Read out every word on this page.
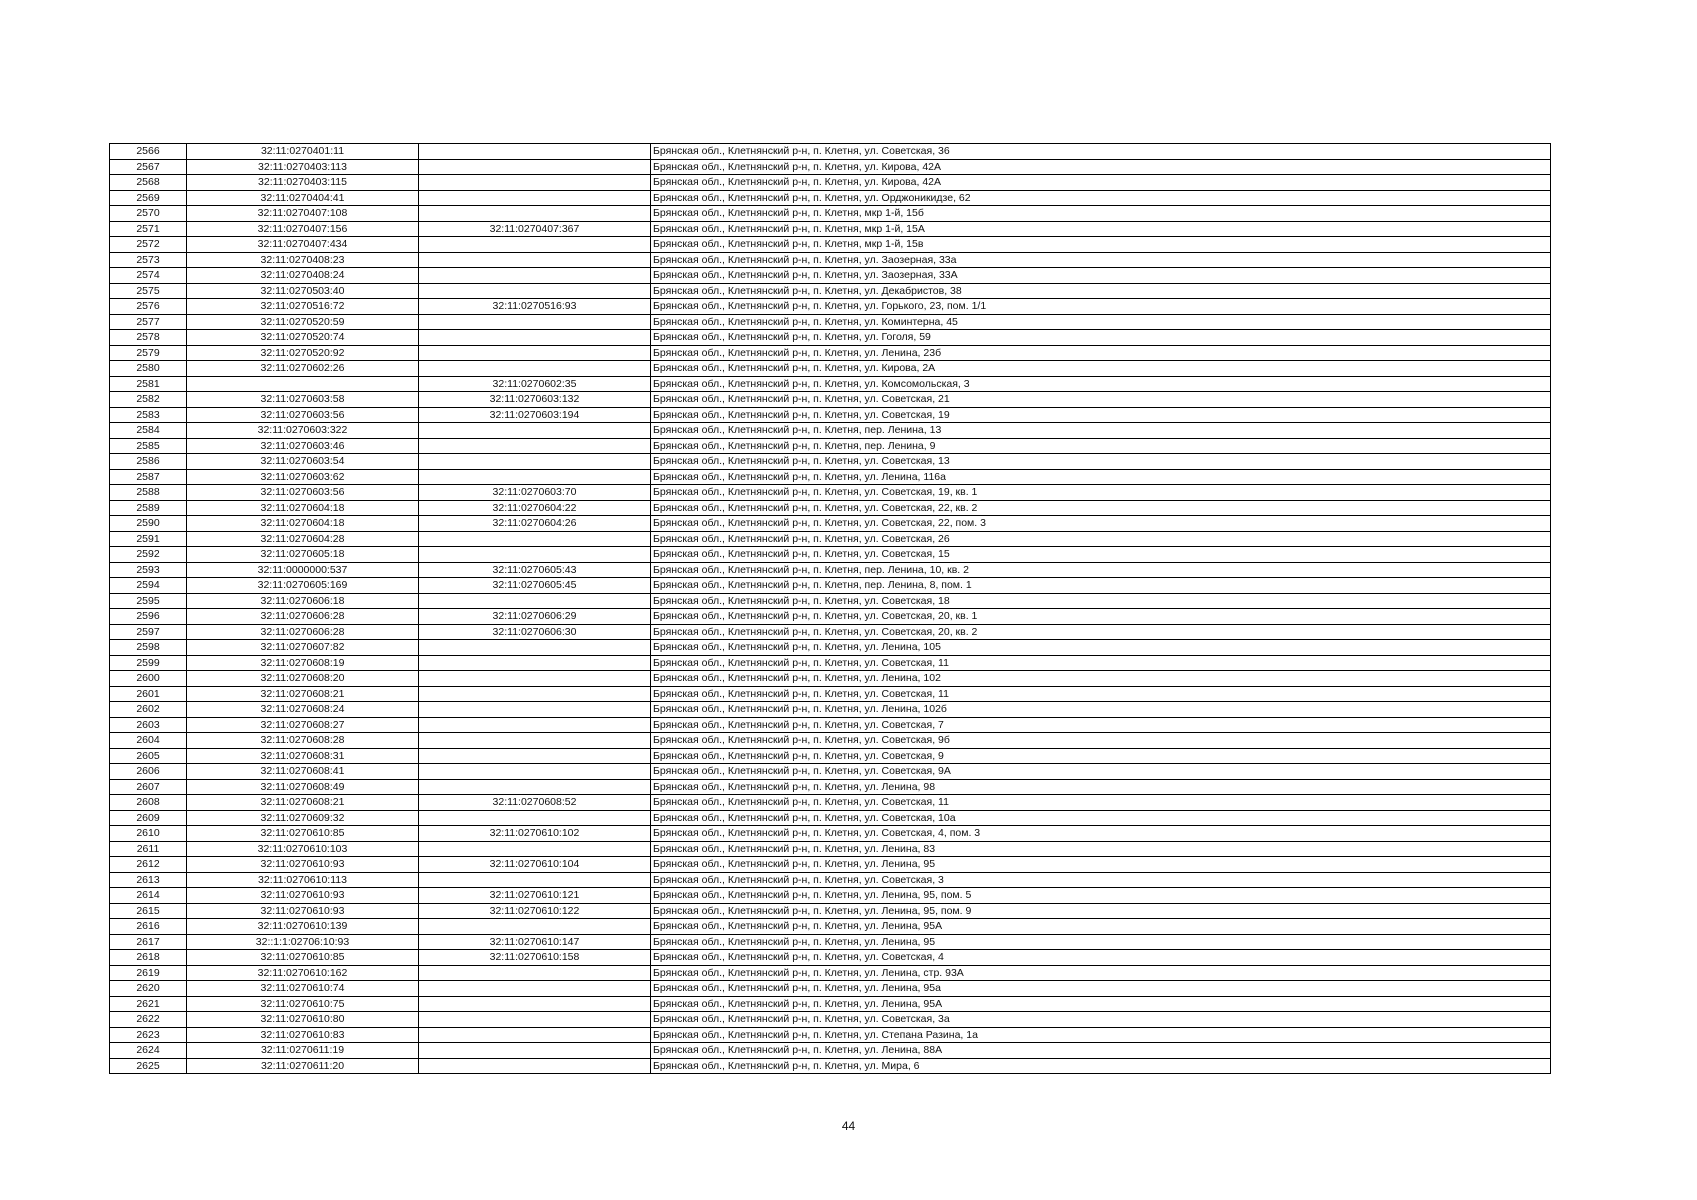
2566	32:11:0270401:11		Брянская обл., Клетнянский р-н, п. Клетня, ул. Советская, 36
2567	32:11:0270403:113		Брянская обл., Клетнянский р-н, п. Клетня, ул. Кирова, 42А
2568	32:11:0270403:115		Брянская обл., Клетнянский р-н, п. Клетня, ул. Кирова, 42А
2569	32:11:0270404:41		Брянская обл., Клетнянский р-н, п. Клетня, ул. Орджоникидзе, 62
2570	32:11:0270407:108		Брянская обл., Клетнянский р-н, п. Клетня, мкр 1-й, 15б
2571	32:11:0270407:156	32:11:0270407:367	Брянская обл., Клетнянский р-н, п. Клетня, мкр 1-й, 15А
2572	32:11:0270407:434		Брянская обл., Клетнянский р-н, п. Клетня, мкр 1-й, 15в
2573	32:11:0270408:23		Брянская обл., Клетнянский р-н, п. Клетня, ул. Заозерная, 33а
2574	32:11:0270408:24		Брянская обл., Клетнянский р-н, п. Клетня, ул. Заозерная, 33А
2575	32:11:0270503:40		Брянская обл., Клетнянский р-н, п. Клетня, ул. Декабристов, 38
2576	32:11:0270516:72	32:11:0270516:93	Брянская обл., Клетнянский р-н, п. Клетня, ул. Горького, 23, пом. 1/1
2577	32:11:0270520:59		Брянская обл., Клетнянский р-н, п. Клетня, ул. Коминтерна, 45
2578	32:11:0270520:74		Брянская обл., Клетнянский р-н, п. Клетня, ул. Гоголя, 59
2579	32:11:0270520:92		Брянская обл., Клетнянский р-н, п. Клетня, ул. Ленина, 23б
2580	32:11:0270602:26		Брянская обл., Клетнянский р-н, п. Клетня, ул. Кирова, 2А
2581		32:11:0270602:35	Брянская обл., Клетнянский р-н, п. Клетня, ул. Комсомольская, 3
2582	32:11:0270603:58	32:11:0270603:132	Брянская обл., Клетнянский р-н, п. Клетня, ул. Советская, 21
2583	32:11:0270603:56	32:11:0270603:194	Брянская обл., Клетнянский р-н, п. Клетня, ул. Советская, 19
2584	32:11:0270603:322		Брянская обл., Клетнянский р-н, п. Клетня, пер. Ленина, 13
2585	32:11:0270603:46		Брянская обл., Клетнянский р-н, п. Клетня, пер. Ленина, 9
2586	32:11:0270603:54		Брянская обл., Клетнянский р-н, п. Клетня, ул. Советская, 13
2587	32:11:0270603:62		Брянская обл., Клетнянский р-н, п. Клетня, ул. Ленина, 116а
2588	32:11:0270603:56	32:11:0270603:70	Брянская обл., Клетнянский р-н, п. Клетня, ул. Советская, 19, кв. 1
2589	32:11:0270604:18	32:11:0270604:22	Брянская обл., Клетнянский р-н, п. Клетня, ул. Советская, 22, кв. 2
2590	32:11:0270604:18	32:11:0270604:26	Брянская обл., Клетнянский р-н, п. Клетня, ул. Советская, 22, пом. 3
2591	32:11:0270604:28		Брянская обл., Клетнянский р-н, п. Клетня, ул. Советская, 26
2592	32:11:0270605:18		Брянская обл., Клетнянский р-н, п. Клетня, ул. Советская, 15
2593	32:11:0000000:537	32:11:0270605:43	Брянская обл., Клетнянский р-н, п. Клетня, пер. Ленина, 10, кв. 2
2594	32:11:0270605:169	32:11:0270605:45	Брянская обл., Клетнянский р-н, п. Клетня, пер. Ленина, 8, пом. 1
2595	32:11:0270606:18		Брянская обл., Клетнянский р-н, п. Клетня, ул. Советская, 18
2596	32:11:0270606:28	32:11:0270606:29	Брянская обл., Клетнянский р-н, п. Клетня, ул. Советская, 20, кв. 1
2597	32:11:0270606:28	32:11:0270606:30	Брянская обл., Клетнянский р-н, п. Клетня, ул. Советская, 20, кв. 2
2598	32:11:0270607:82		Брянская обл., Клетнянский р-н, п. Клетня, ул. Ленина, 105
2599	32:11:0270608:19		Брянская обл., Клетнянский р-н, п. Клетня, ул. Советская, 11
2600	32:11:0270608:20		Брянская обл., Клетнянский р-н, п. Клетня, ул. Ленина, 102
2601	32:11:0270608:21		Брянская обл., Клетнянский р-н, п. Клетня, ул. Советская, 11
2602	32:11:0270608:24		Брянская обл., Клетнянский р-н, п. Клетня, ул. Ленина, 102б
2603	32:11:0270608:27		Брянская обл., Клетнянский р-н, п. Клетня, ул. Советская, 7
2604	32:11:0270608:28		Брянская обл., Клетнянский р-н, п. Клетня, ул. Советская, 9б
2605	32:11:0270608:31		Брянская обл., Клетнянский р-н, п. Клетня, ул. Советская, 9
2606	32:11:0270608:41		Брянская обл., Клетнянский р-н, п. Клетня, ул. Советская, 9А
2607	32:11:0270608:49		Брянская обл., Клетнянский р-н, п. Клетня, ул. Ленина, 98
2608	32:11:0270608:21	32:11:0270608:52	Брянская обл., Клетнянский р-н, п. Клетня, ул. Советская, 11
2609	32:11:0270609:32		Брянская обл., Клетнянский р-н, п. Клетня, ул. Советская, 10а
2610	32:11:0270610:85	32:11:0270610:102	Брянская обл., Клетнянский р-н, п. Клетня, ул. Советская, 4, пом. 3
2611	32:11:0270610:103		Брянская обл., Клетнянский р-н, п. Клетня, ул. Ленина, 83
2612	32:11:0270610:93	32:11:0270610:104	Брянская обл., Клетнянский р-н, п. Клетня, ул. Ленина, 95
2613	32:11:0270610:113		Брянская обл., Клетнянский р-н, п. Клетня, ул. Советская, 3
2614	32:11:0270610:93	32:11:0270610:121	Брянская обл., Клетнянский р-н, п. Клетня, ул. Ленина, 95, пом. 5
2615	32:11:0270610:93	32:11:0270610:122	Брянская обл., Клетнянский р-н, п. Клетня, ул. Ленина, 95, пом. 9
2616	32:11:0270610:139		Брянская обл., Клетнянский р-н, п. Клетня, ул. Ленина, 95А
2617	32::1:1:02706:10:93	32:11:0270610:147	Брянская обл., Клетнянский р-н, п. Клетня, ул. Ленина, 95
2618	32:11:0270610:85	32:11:0270610:158	Брянская обл., Клетнянский р-н, п. Клетня, ул. Советская, 4
2619	32:11:0270610:162		Брянская обл., Клетнянский р-н, п. Клетня, ул. Ленина, стр. 93А
2620	32:11:0270610:74		Брянская обл., Клетнянский р-н, п. Клетня, ул. Ленина, 95а
2621	32:11:0270610:75		Брянская обл., Клетнянский р-н, п. Клетня, ул. Ленина, 95А
2622	32:11:0270610:80		Брянская обл., Клетнянский р-н, п. Клетня, ул. Советская, 3а
2623	32:11:0270610:83		Брянская обл., Клетнянский р-н, п. Клетня, ул. Степана Разина, 1а
2624	32:11:0270611:19		Брянская обл., Клетнянский р-н, п. Клетня, ул. Ленина, 88А
2625	32:11:0270611:20		Брянская обл., Клетнянский р-н, п. Клетня, ул. Мира, 6
44
